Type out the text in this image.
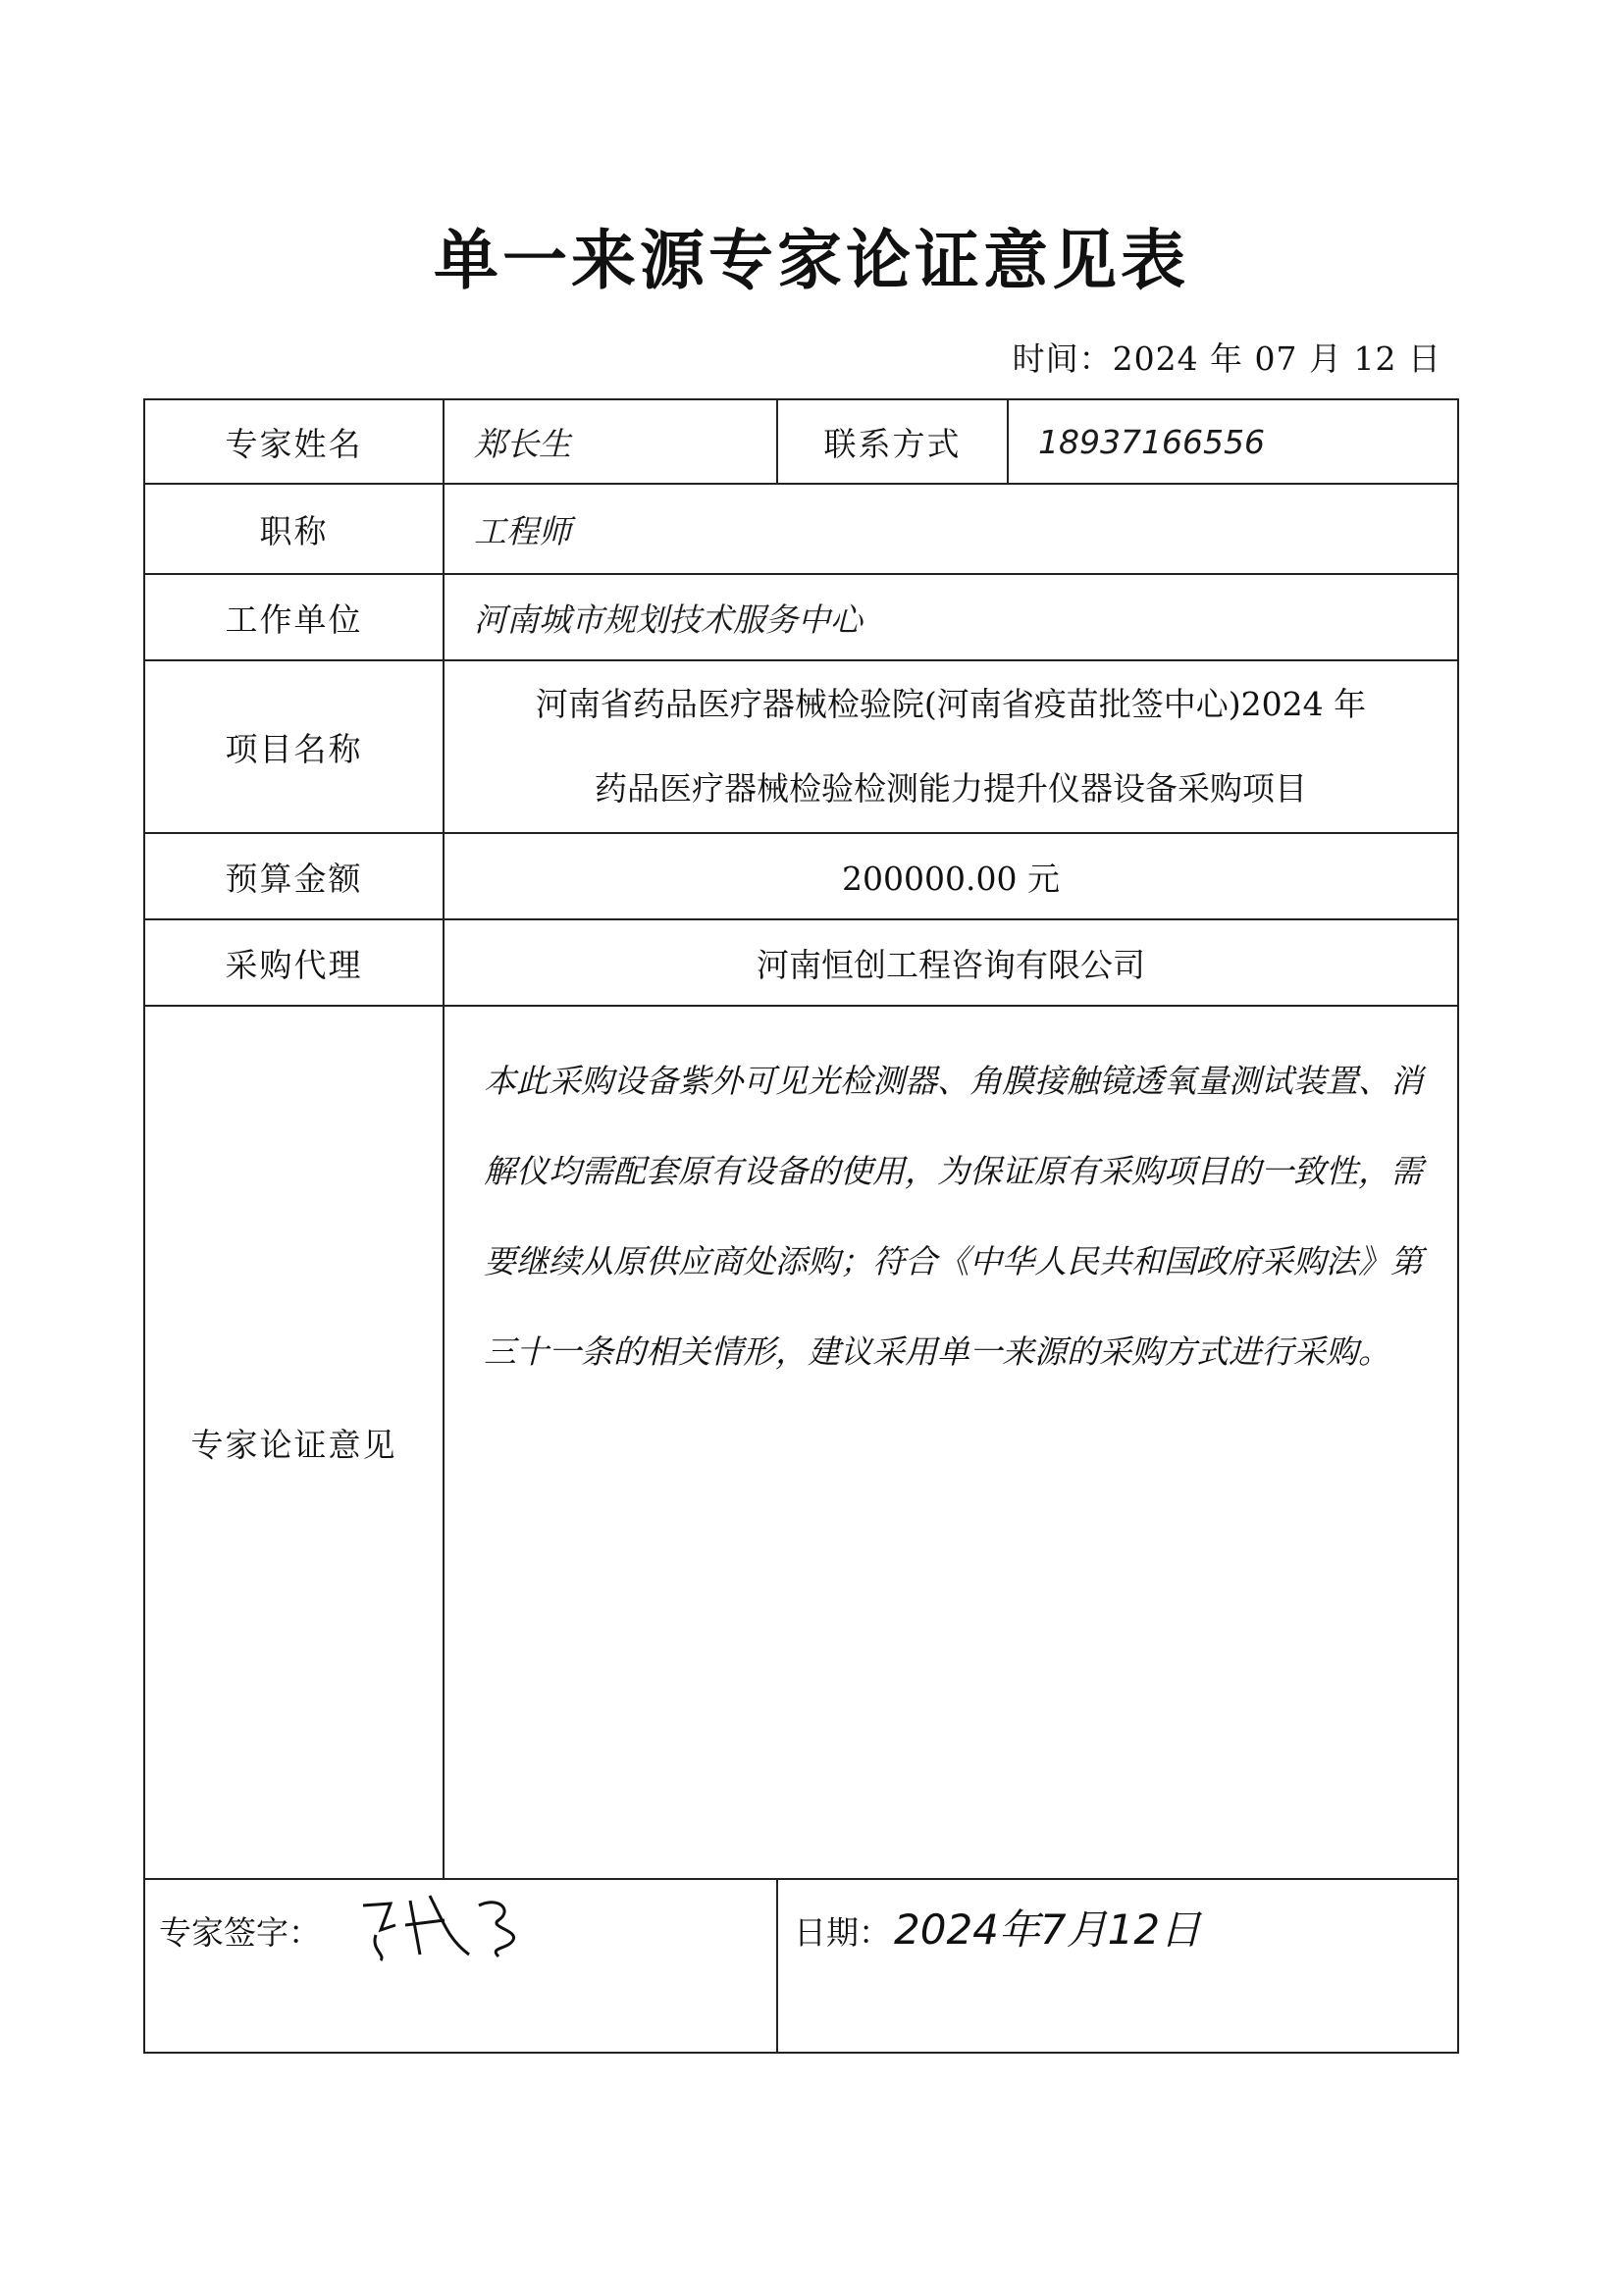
单一来源专家论证意见表
时间：2024 年 07 月 12 日
专家姓名	郑长生	联系方式	18937166556
职称	工程师		
工作单位	河南城市规划技术服务中心		
项目名称	河南省药品医疗器械检验院(河南省疫苗批签中心)2024 年
药品医疗器械检验检测能力提升仪器设备采购项目		

预算金额	200000.00 元		
采购代理	河南恒创工程咨询有限公司		
专家论证意见	本此采购设备紫外可见光检测器、角膜接触镜透氧量测试装置、消解仪均需配套原有设备的使用，为保证原有采购项目的一致性，需要继续从原供应商处添购；符合《中华人民共和国政府采购法》第三十一条的相关情形，建议采用单一来源的采购方式进行采购。		

专家签字：		日期： 2024年7月12日	
